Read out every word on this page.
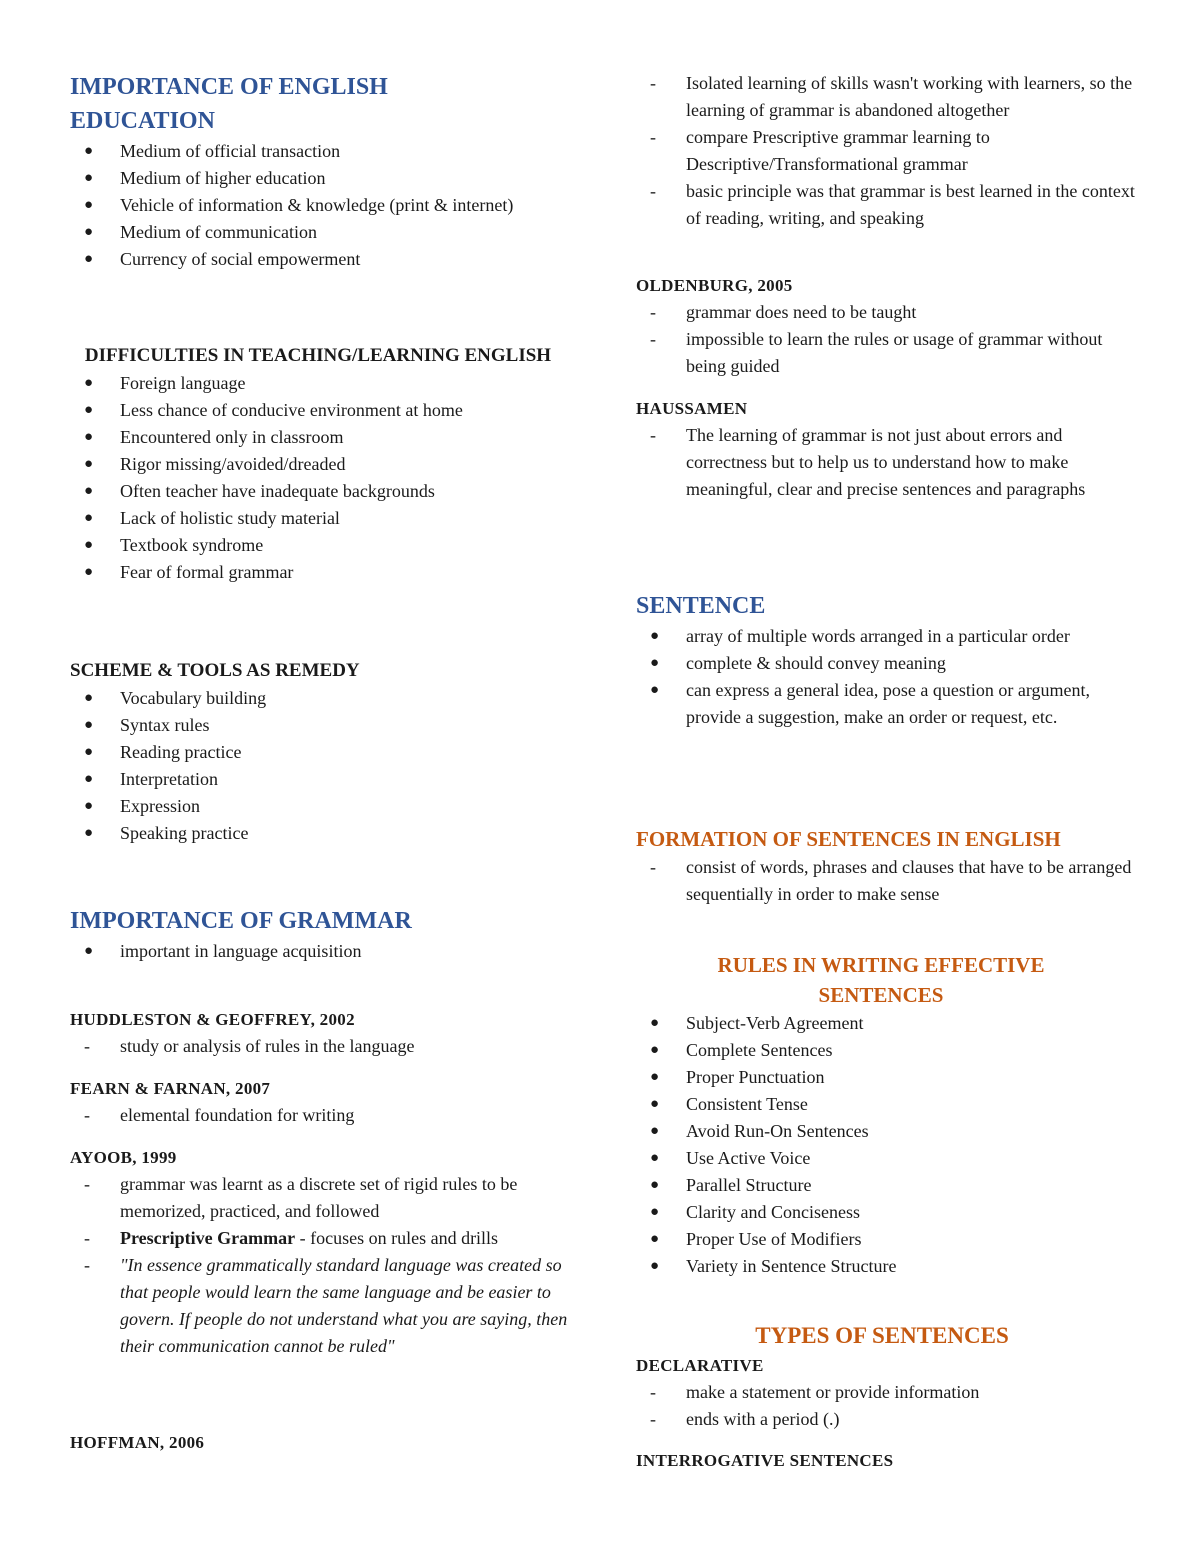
IMPORTANCE OF ENGLISH EDUCATION
●	Medium of official transaction
●	Medium of higher education
●	Vehicle of information & knowledge (print & internet)
●	Medium of communication
●	Currency of social empowerment
DIFFICULTIES IN TEACHING/LEARNING ENGLISH
●	Foreign language
●	Less chance of conducive environment at home
●	Encountered only in classroom
●	Rigor missing/avoided/dreaded
●	Often teacher have inadequate backgrounds
●	Lack of holistic study material
●	Textbook syndrome
●	Fear of formal grammar
SCHEME & TOOLS AS REMEDY
●	Vocabulary building
●	Syntax rules
●	Reading practice
●	Interpretation
●	Expression
●	Speaking practice
IMPORTANCE OF GRAMMAR
●	important in language acquisition
HUDDLESTON & GEOFFREY, 2002
-	study or analysis of rules in the language
FEARN & FARNAN, 2007
-	elemental foundation for writing
AYOOB, 1999
-	grammar was learnt as a discrete set of rigid rules to be memorized, practiced, and followed
-	Prescriptive Grammar - focuses on rules and drills
-	"In essence grammatically standard language was created so that people would learn the same language and be easier to govern. If people do not understand what you are saying, then their communication cannot be ruled"
HOFFMAN, 2006
-	Isolated learning of skills wasn't working with learners, so the learning of grammar is abandoned altogether
-	compare Prescriptive grammar learning to Descriptive/Transformational grammar
-	basic principle was that grammar is best learned in the context of reading, writing, and speaking
OLDENBURG, 2005
-	grammar does need to be taught
-	impossible to learn the rules or usage of grammar without being guided
HAUSSAMEN
-	The learning of grammar is not just about errors and correctness but to help us to understand how to make meaningful, clear and precise sentences and paragraphs
SENTENCE
●	array of multiple words arranged in a particular order
●	complete & should convey meaning
●	can express a general idea, pose a question or argument, provide a suggestion, make an order or request, etc.
FORMATION OF SENTENCES IN ENGLISH
-	consist of words, phrases and clauses that have to be arranged sequentially in order to make sense
RULES IN WRITING EFFECTIVE SENTENCES
●	Subject-Verb Agreement
●	Complete Sentences
●	Proper Punctuation
●	Consistent Tense
●	Avoid Run-On Sentences
●	Use Active Voice
●	Parallel Structure
●	Clarity and Conciseness
●	Proper Use of Modifiers
●	Variety in Sentence Structure
TYPES OF SENTENCES
DECLARATIVE
-	make a statement or provide information
-	ends with a period (.)
INTERROGATIVE SENTENCES
